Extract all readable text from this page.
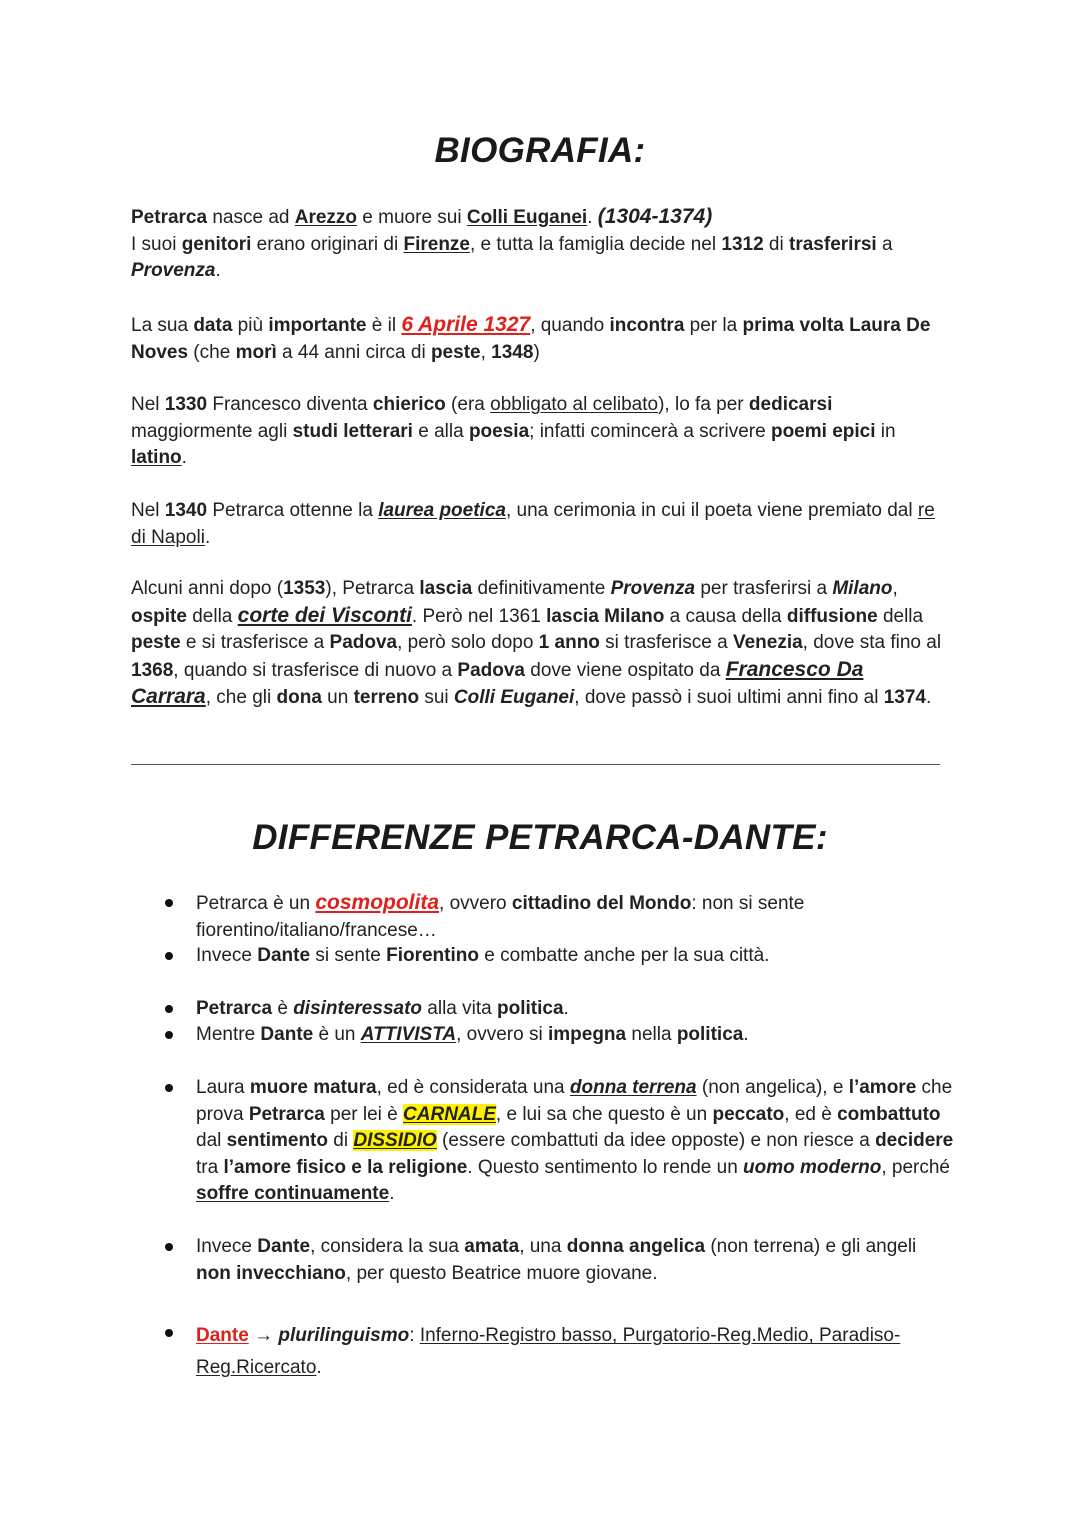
BIOGRAFIA:

Petrarca nasce ad Arezzo e muore sui Colli Euganei. (1304-1374)
I suoi genitori erano originari di Firenze, e tutta la famiglia decide nel 1312 di trasferirsi a Provenza.

La sua data più importante è il 6 Aprile 1327, quando incontra per la prima volta Laura De Noves (che morì a 44 anni circa di peste, 1348)

Nel 1330 Francesco diventa chierico (era obbligato al celibato), lo fa per dedicarsi maggiormente agli studi letterari e alla poesia; infatti comincerà a scrivere poemi epici in latino.

Nel 1340 Petrarca ottenne la laurea poetica, una cerimonia in cui il poeta viene premiato dal re di Napoli.

Alcuni anni dopo (1353), Petrarca lascia definitivamente Provenza per trasferirsi a Milano, ospite della corte dei Visconti. Però nel 1361 lascia Milano a causa della diffusione della peste e si trasferisce a Padova, però solo dopo 1 anno si trasferisce a Venezia, dove sta fino al 1368, quando si trasferisce di nuovo a Padova dove viene ospitato da Francesco Da Carrara, che gli dona un terreno sui Colli Euganei, dove passò i suoi ultimi anni fino al 1374.

DIFFERENZE PETRARCA-DANTE:
Petrarca è un cosmopolita, ovvero cittadino del Mondo: non si sente fiorentino/italiano/francese…
Invece Dante si sente Fiorentino e combatte anche per la sua città.
Petrarca è disinteressato alla vita politica.
Mentre Dante è un ATTIVISTA, ovvero si impegna nella politica.
Laura muore matura, ed è considerata una donna terrena (non angelica), e l’amore che prova Petrarca per lei è CARNALE, e lui sa che questo è un peccato, ed è combattuto dal sentimento di DISSIDIO (essere combattuti da idee opposte) e non riesce a decidere tra l’amore fisico e la religione. Questo sentimento lo rende un uomo moderno, perché soffre continuamente.
Invece Dante, considera la sua amata, una donna angelica (non terrena) e gli angeli non invecchiano, per questo Beatrice muore giovane.
Dante → plurilinguismo: Inferno-Registro basso, Purgatorio-Reg.Medio, Paradiso-Reg.Ricercato.
